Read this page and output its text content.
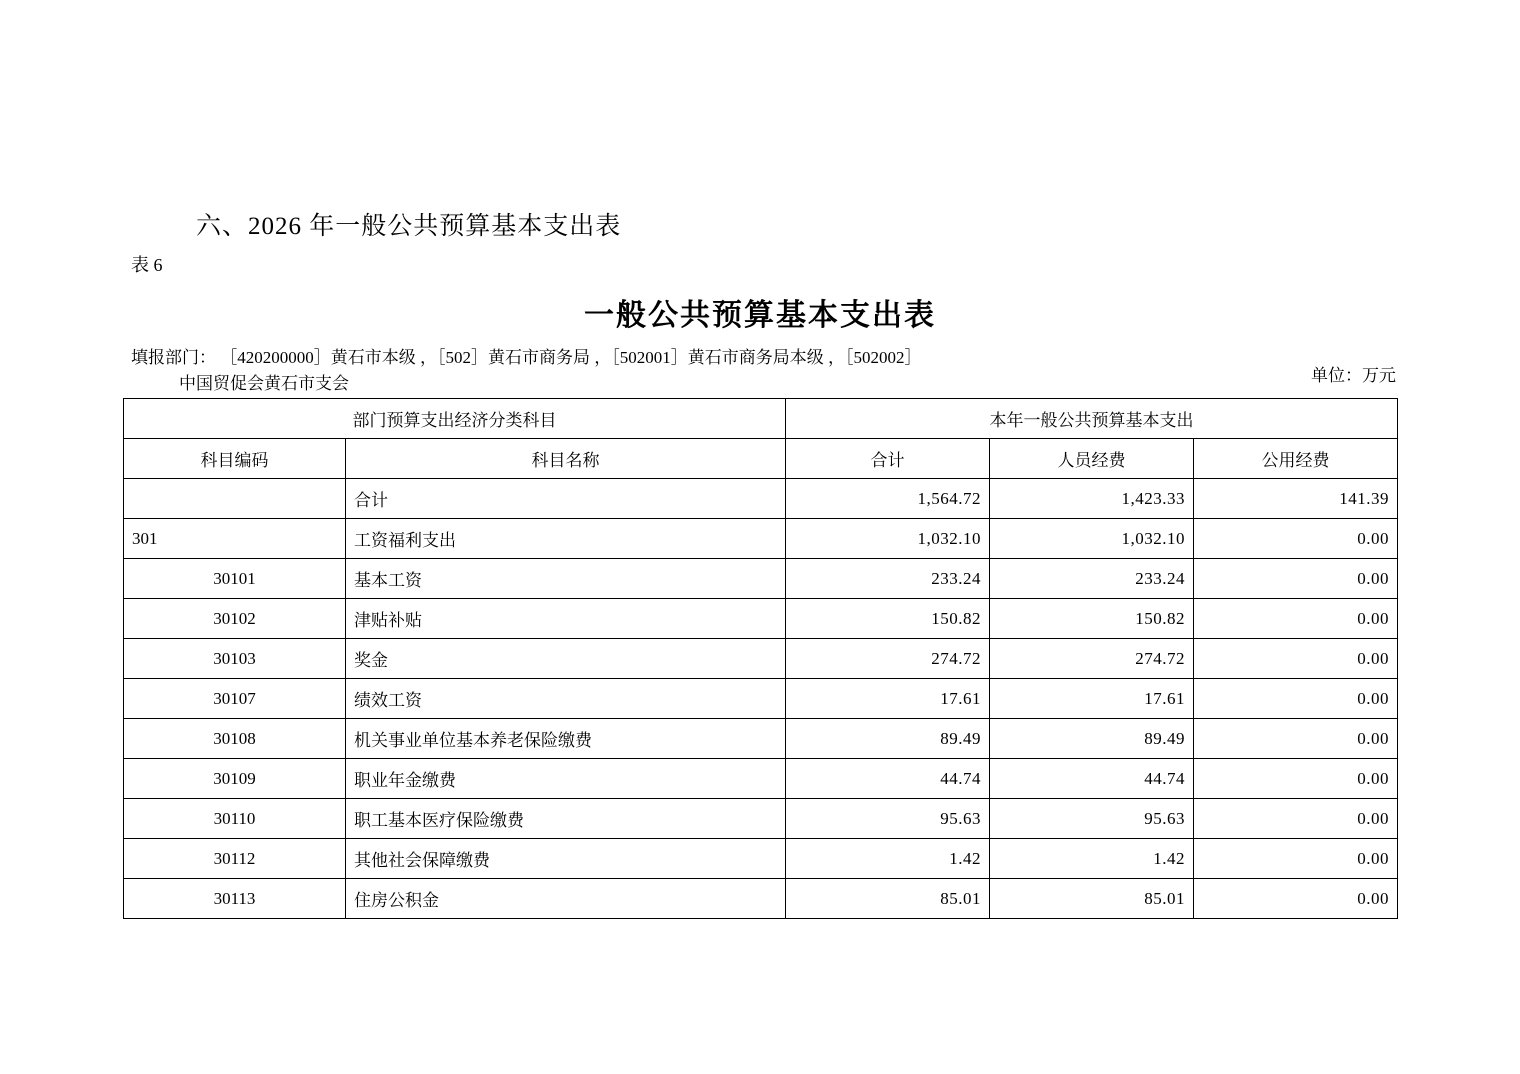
六、2026 年一般公共预算基本支出表
表 6
一般公共预算基本支出表
填报部门： ［420200000］黄石市本级 ，［502］黄石市商务局 ，［502001］黄石市商务局本级 ，［502002］
中国贸促会黄石市支会	单位：万元
部门预算支出经济分类科目		本年一般公共预算基本支出		
科目编码	科目名称	合计	人员经费	公用经费
	合计	1,564.72	1,423.33	141.39
301	工资福利支出	1,032.10	1,032.10	0.00
30101	基本工资	233.24	233.24	0.00
30102	津贴补贴	150.82	150.82	0.00
30103	奖金	274.72	274.72	0.00
30107	绩效工资	17.61	17.61	0.00
30108	机关事业单位基本养老保险缴费	89.49	89.49	0.00
30109	职业年金缴费	44.74	44.74	0.00
30110	职工基本医疗保险缴费	95.63	95.63	0.00
30112	其他社会保障缴费	1.42	1.42	0.00
30113	住房公积金	85.01	85.01	0.00
